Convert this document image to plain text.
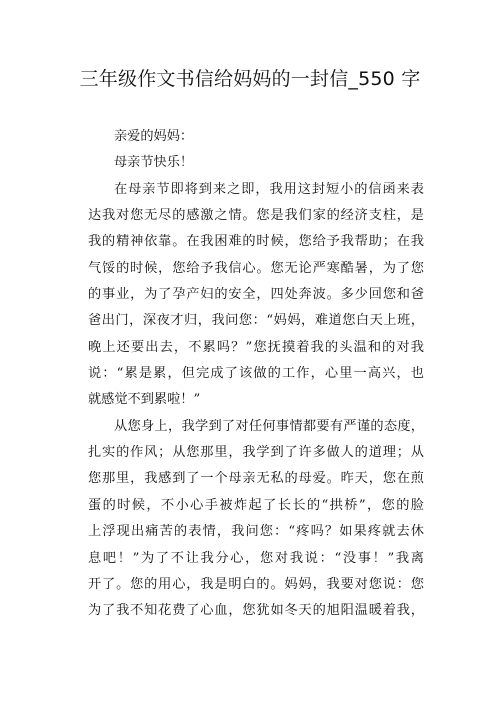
三年级作文书信给妈妈的一封信_550 字
亲爱的妈妈：
母亲节快乐！
在母亲节即将到来之即，我用这封短小的信函来表
达我对您无尽的感激之情。您是我们家的经济支柱，是
我的精神依靠。在我困难的时候，您给予我帮助；在我
气馁的时候，您给予我信心。您无论严寒酷暑，为了您
的事业，为了孕产妇的安全，四处奔波。多少回您和爸
爸出门，深夜才归，我问您：“妈妈，难道您白天上班，
晚上还要出去，不累吗？”您抚摸着我的头温和的对我
说：“累是累，但完成了该做的工作，心里一高兴，也
就感觉不到累啦！”
从您身上，我学到了对任何事情都要有严谨的态度，
扎实的作风；从您那里，我学到了许多做人的道理；从
您那里，我感到了一个母亲无私的母爱。昨天，您在煎
蛋的时候，不小心手被炸起了长长的“拱桥”，您的脸
上浮现出痛苦的表情，我问您：“疼吗？如果疼就去休
息吧！”为了不让我分心，您对我说：“没事！”我离
开了。您的用心，我是明白的。妈妈，我要对您说：您
为了我不知花费了心血，您犹如冬天的旭阳温暖着我，
